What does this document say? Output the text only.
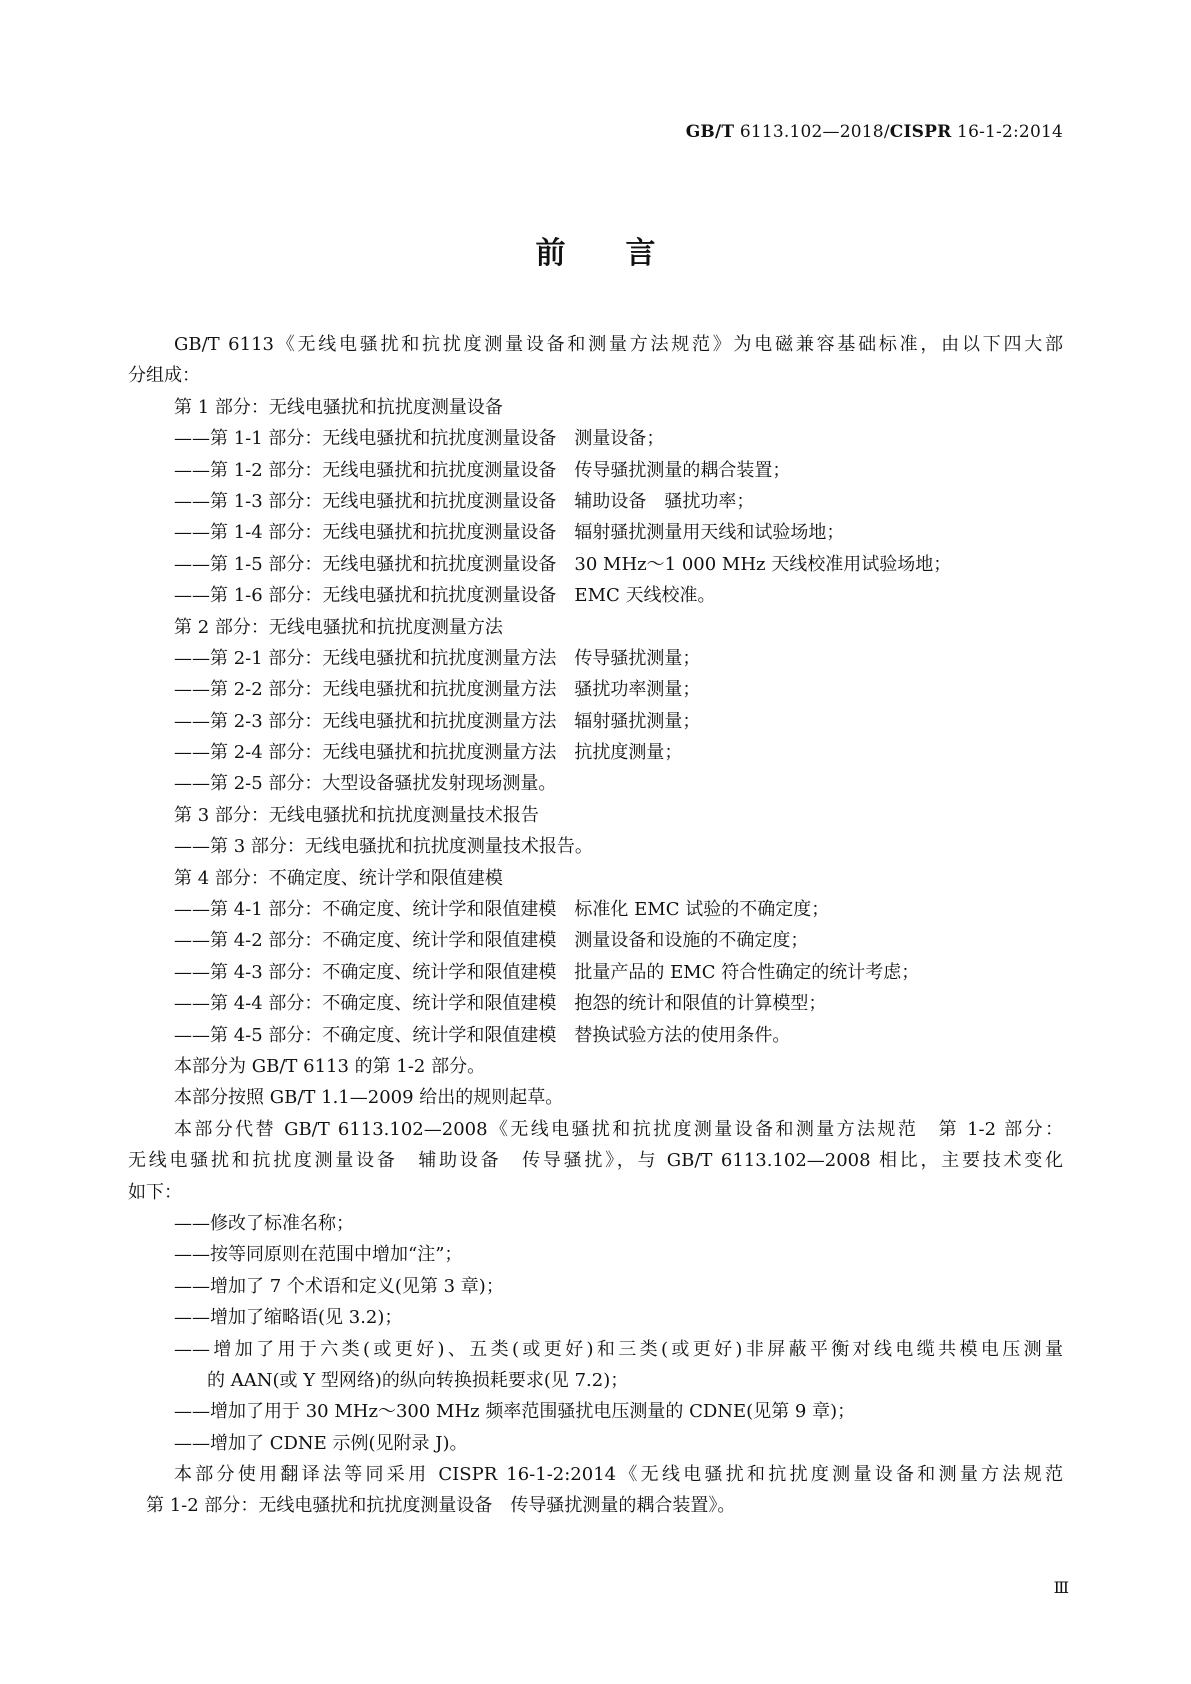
GB/T 6113.102—2018/CISPR 16-1-2:2014
前言
GB/T 6113《无线电骚扰和抗扰度测量设备和测量方法规范》为电磁兼容基础标准，由以下四大部
分组成：
第 1 部分：无线电骚扰和抗扰度测量设备
——第 1-1 部分：无线电骚扰和抗扰度测量设备　测量设备；
——第 1-2 部分：无线电骚扰和抗扰度测量设备　传导骚扰测量的耦合装置；
——第 1-3 部分：无线电骚扰和抗扰度测量设备　辅助设备　骚扰功率；
——第 1-4 部分：无线电骚扰和抗扰度测量设备　辐射骚扰测量用天线和试验场地；
——第 1-5 部分：无线电骚扰和抗扰度测量设备　30 MHz～1 000 MHz 天线校准用试验场地；
——第 1-6 部分：无线电骚扰和抗扰度测量设备　EMC 天线校准。
第 2 部分：无线电骚扰和抗扰度测量方法
——第 2-1 部分：无线电骚扰和抗扰度测量方法　传导骚扰测量；
——第 2-2 部分：无线电骚扰和抗扰度测量方法　骚扰功率测量；
——第 2-3 部分：无线电骚扰和抗扰度测量方法　辐射骚扰测量；
——第 2-4 部分：无线电骚扰和抗扰度测量方法　抗扰度测量；
——第 2-5 部分：大型设备骚扰发射现场测量。
第 3 部分：无线电骚扰和抗扰度测量技术报告
——第 3 部分：无线电骚扰和抗扰度测量技术报告。
第 4 部分：不确定度、统计学和限值建模
——第 4-1 部分：不确定度、统计学和限值建模　标准化 EMC 试验的不确定度；
——第 4-2 部分：不确定度、统计学和限值建模　测量设备和设施的不确定度；
——第 4-3 部分：不确定度、统计学和限值建模　批量产品的 EMC 符合性确定的统计考虑；
——第 4-4 部分：不确定度、统计学和限值建模　抱怨的统计和限值的计算模型；
——第 4-5 部分：不确定度、统计学和限值建模　替换试验方法的使用条件。
本部分为 GB/T 6113 的第 1-2 部分。
本部分按照 GB/T 1.1—2009 给出的规则起草。
本部分代替 GB/T 6113.102—2008《无线电骚扰和抗扰度测量设备和测量方法规范　第 1-2 部分：
无线电骚扰和抗扰度测量设备　辅助设备　传导骚扰》，与 GB/T 6113.102—2008 相比，主要技术变化
如下：
——修改了标准名称；
——按等同原则在范围中增加“注”；
——增加了 7 个术语和定义(见第 3 章)；
——增加了缩略语(见 3.2)；
——增加了用于六类(或更好)、五类(或更好)和三类(或更好)非屏蔽平衡对线电缆共模电压测量
的 AAN(或 Y 型网络)的纵向转换损耗要求(见 7.2)；
——增加了用于 30 MHz～300 MHz 频率范围骚扰电压测量的 CDNE(见第 9 章)；
——增加了 CDNE 示例(见附录 J)。
本部分使用翻译法等同采用 CISPR 16-1-2:2014《无线电骚扰和抗扰度测量设备和测量方法规范
　第 1-2 部分：无线电骚扰和抗扰度测量设备　传导骚扰测量的耦合装置》。
Ⅲ
